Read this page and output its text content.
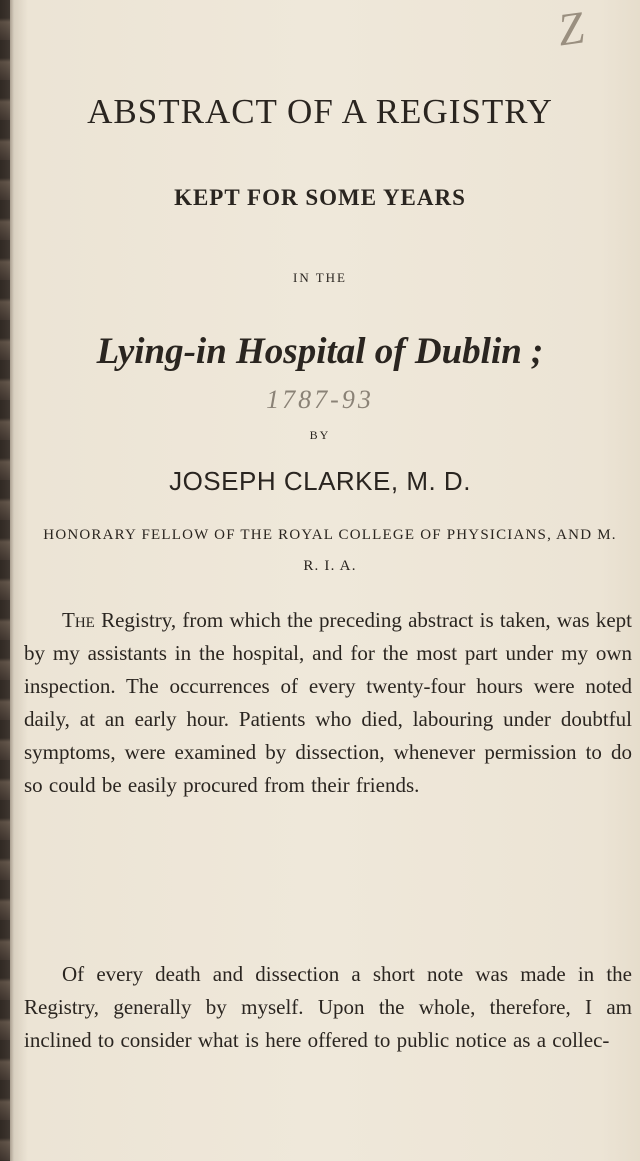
Z
ABSTRACT OF A REGISTRY
KEPT FOR SOME YEARS
IN THE
Lying-in Hospital of Dublin ;
1787-93
BY
JOSEPH CLARKE, M. D.
HONORARY FELLOW OF THE ROYAL COLLEGE OF PHYSICIANS, AND M. R. I. A.

The Registry, from which the preceding abstract is taken, was kept by my assistants in the hospital, and for the most part under my own inspection. The occurrences of every twenty-four hours were noted daily, at an early hour. Patients who died, labouring under doubtful symptoms, were examined by dissection, whenever permission to do so could be easily procured from their friends.

Of every death and dissection a short note was made in the Registry, generally by myself. Upon the whole, therefore, I am inclined to consider what is here offered to public notice as a collec-
